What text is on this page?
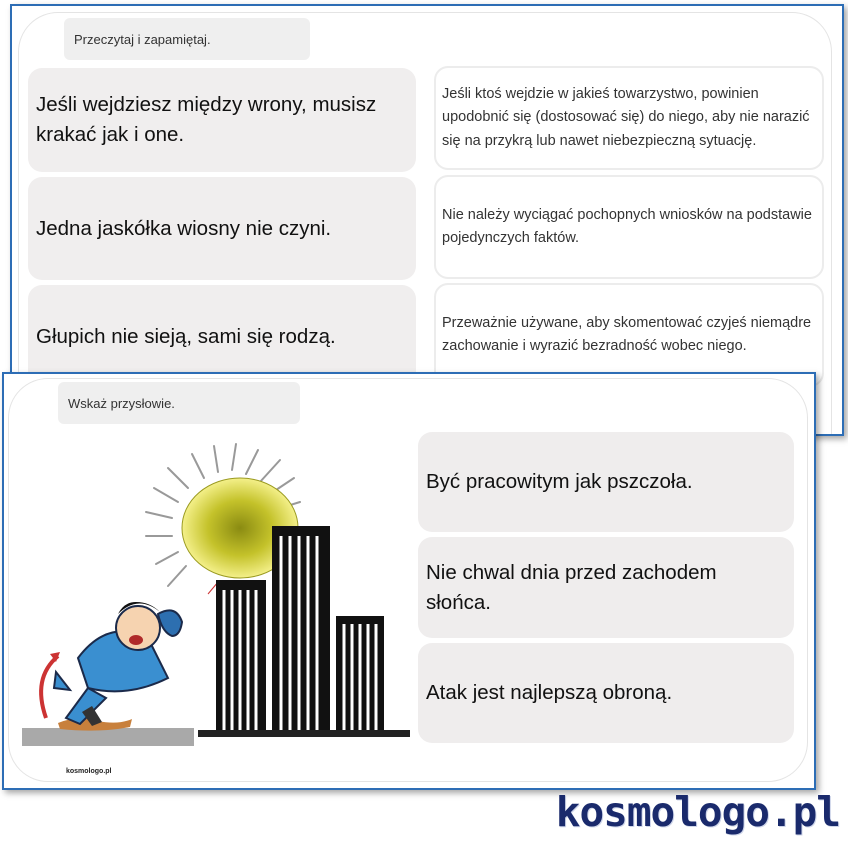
Przeczytaj i zapamiętaj.
Jeśli wejdziesz między wrony, musisz krakać jak i one.
Jeśli ktoś wejdzie w jakieś towarzystwo, powinien upodobnić się (dostosować się) do niego, aby nie narazić się na przykrą lub nawet niebezpieczną sytuację.
Jedna jaskółka wiosny nie czyni.
Nie należy wyciągać pochopnych wniosków na podstawie pojedynczych faktów.
Głupich nie sieją, sami się rodzą.
Przeważnie używane, aby skomentować czyjeś niemądre zachowanie i wyrazić bezradność wobec niego.
Wskaż przysłowie.
Być pracowitym jak pszczoła.
Nie chwal dnia przed zachodem słońca.
Atak jest najlepszą obroną.
kosmologo.pl
kosmologo.pl
